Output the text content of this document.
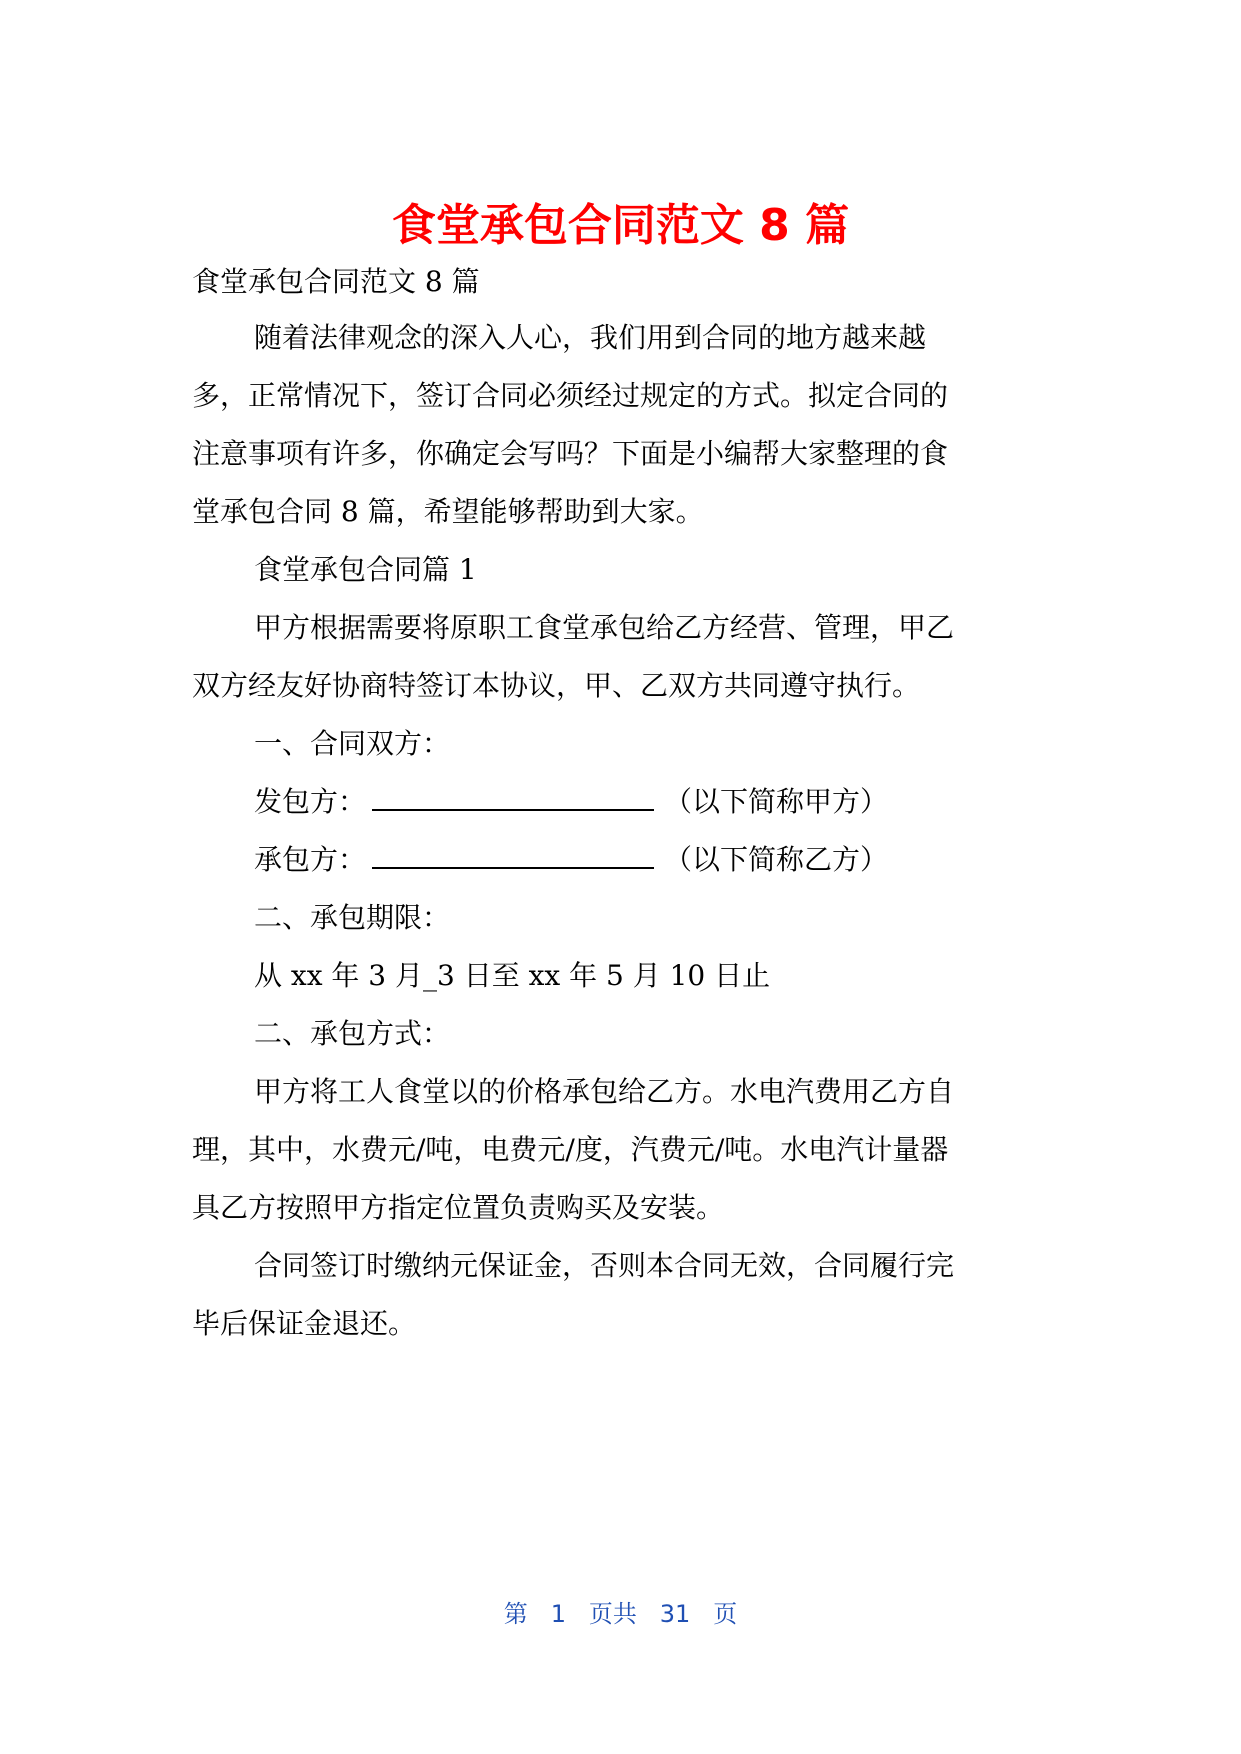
食堂承包合同范文 8 篇
食堂承包合同范文 8 篇
随着法律观念的深入人心，我们用到合同的地方越来越
多，正常情况下，签订合同必须经过规定的方式。拟定合同的
注意事项有许多，你确定会写吗？下面是小编帮大家整理的食
堂承包合同 8 篇，希望能够帮助到大家。
食堂承包合同篇 1
甲方根据需要将原职工食堂承包给乙方经营、管理，甲乙
双方经友好协商特签订本协议，甲、乙双方共同遵守执行。
一、合同双方：
发包方：	（以下简称甲方）
承包方：	（以下简称乙方）
二、承包期限：
从 xx 年 3 月_3 日至 xx 年 5 月 10 日止
二、承包方式：
甲方将工人食堂以的价格承包给乙方。水电汽费用乙方自
理，其中，水费元/吨，电费元/度，汽费元/吨。水电汽计量器
具乙方按照甲方指定位置负责购买及安装。
合同签订时缴纳元保证金，否则本合同无效，合同履行完
毕后保证金退还。
第 1 页共 31 页
